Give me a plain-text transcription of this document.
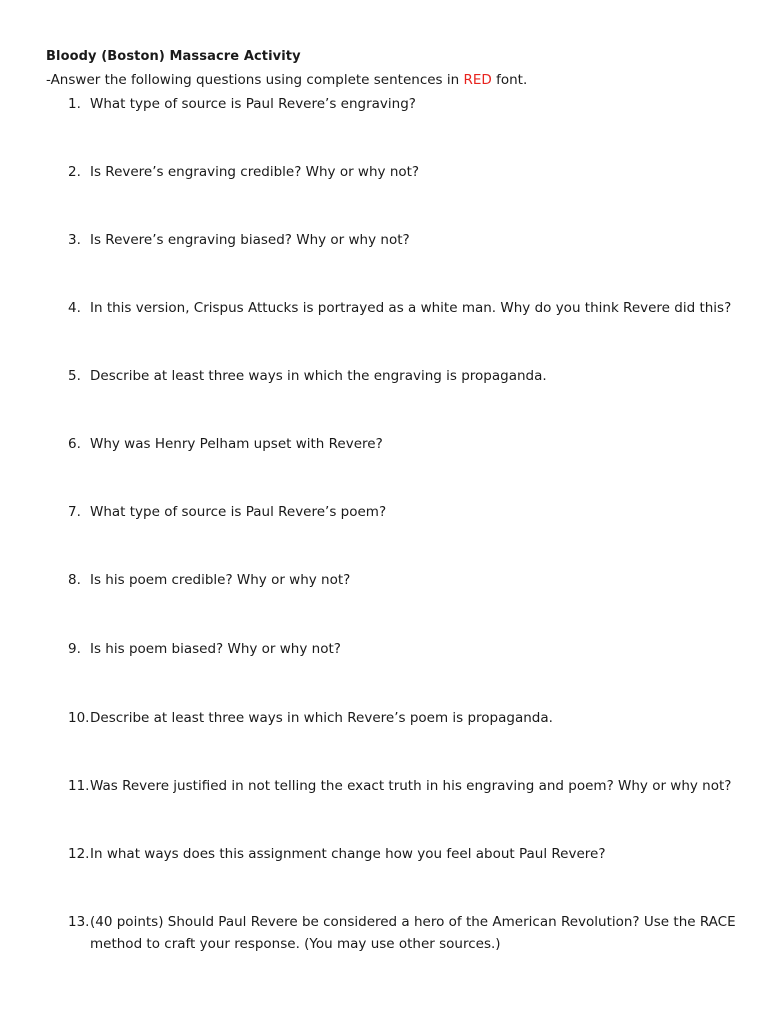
Bloody (Boston) Massacre Activity
-Answer the following questions using complete sentences in RED font.
1. What type of source is Paul Revere’s engraving?
2. Is Revere’s engraving credible? Why or why not?
3. Is Revere’s engraving biased? Why or why not?
4. In this version, Crispus Attucks is portrayed as a white man. Why do you think Revere did this?
5. Describe at least three ways in which the engraving is propaganda.
6. Why was Henry Pelham upset with Revere?
7. What type of source is Paul Revere’s poem?
8. Is his poem credible? Why or why not?
9. Is his poem biased? Why or why not?
10. Describe at least three ways in which Revere’s poem is propaganda.
11. Was Revere justified in not telling the exact truth in his engraving and poem? Why or why not?
12. In what ways does this assignment change how you feel about Paul Revere?
13. (40 points) Should Paul Revere be considered a hero of the American Revolution? Use the RACE
method to craft your response. (You may use other sources.)
